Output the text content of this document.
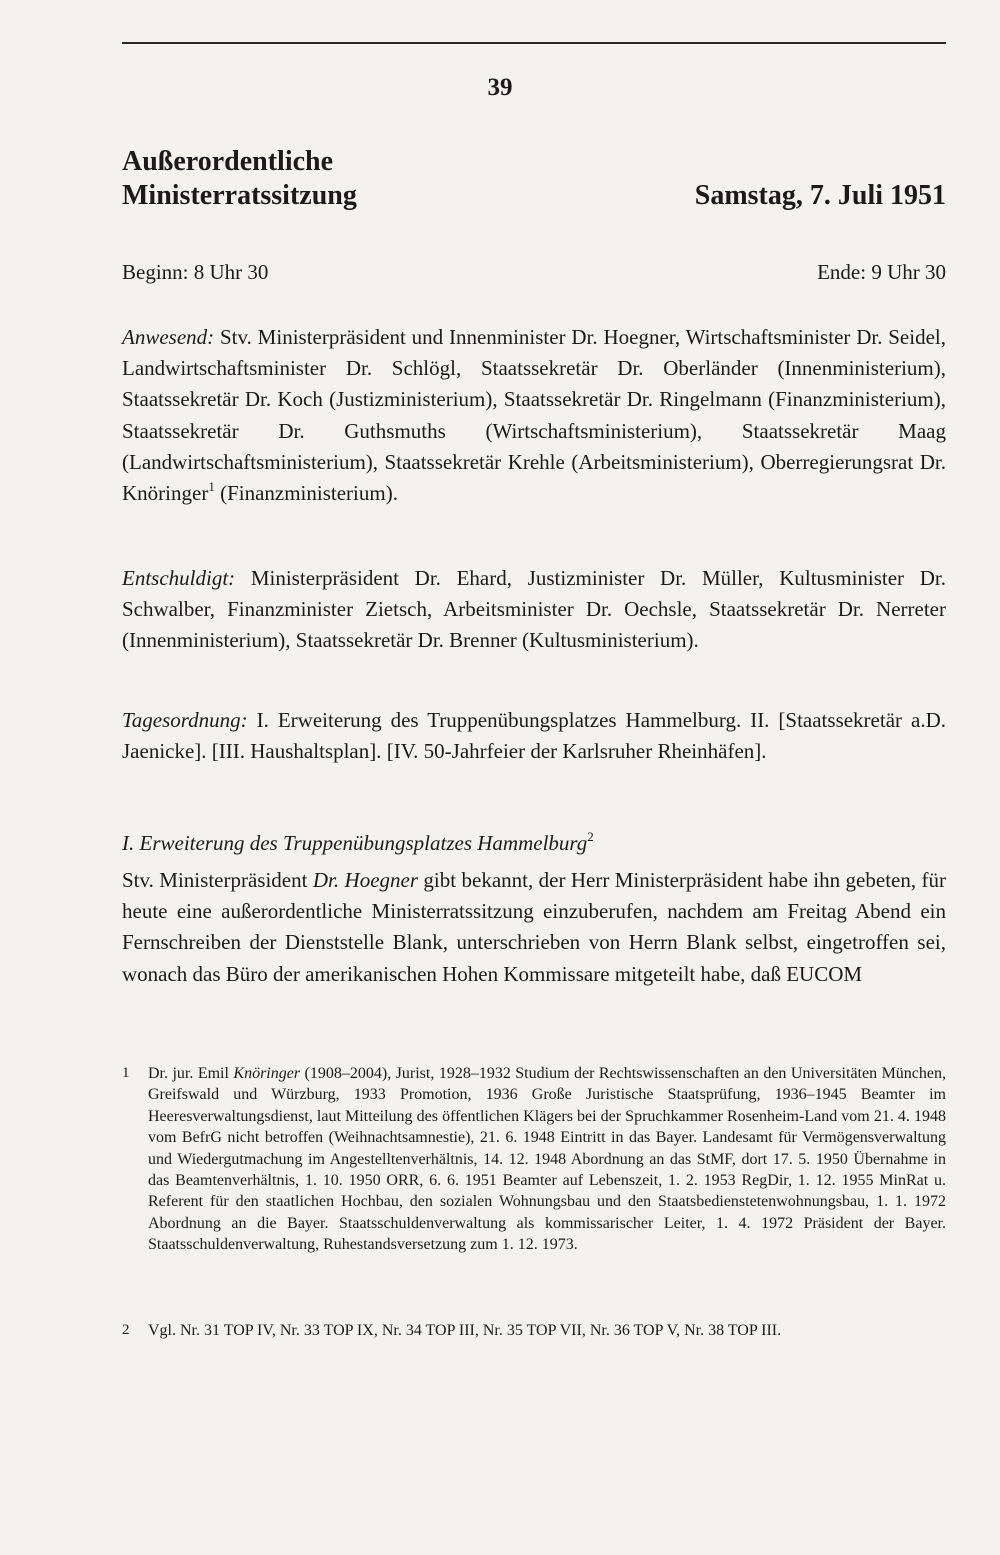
39
Außerordentliche
Ministerratssitzung	Samstag, 7. Juli 1951
Beginn: 8 Uhr 30	Ende: 9 Uhr 30

Anwesend: Stv. Ministerpräsident und Innenminister Dr. Hoegner, Wirtschaftsminister Dr. Seidel, Landwirtschaftsminister Dr. Schlögl, Staatssekretär Dr. Oberländer (Innenministerium), Staatssekretär Dr. Koch (Justizministerium), Staatssekretär Dr. Ringelmann (Finanzministerium), Staatssekretär Dr. Guthsmuths (Wirtschaftsministerium), Staatssekretär Maag (Landwirtschaftsministerium), Staatssekretär Krehle (Arbeitsministerium), Oberregierungsrat Dr. Knöringer$^1$ (Finanzministerium).

Entschuldigt: Ministerpräsident Dr. Ehard, Justizminister Dr. Müller, Kultusminister Dr. Schwalber, Finanzminister Zietsch, Arbeitsminister Dr. Oechsle, Staatssekretär Dr. Nerreter (Innenministerium), Staatssekretär Dr. Brenner (Kultusministerium).

Tagesordnung: I. Erweiterung des Truppenübungsplatzes Hammelburg. II. [Staatssekretär a.D. Jaenicke]. [III. Haushaltsplan]. [IV. 50-Jahrfeier der Karlsruher Rheinhäfen].

I. Erweiterung des Truppenübungsplatzes Hammelburg$^2$

Stv. Ministerpräsident Dr. Hoegner gibt bekannt, der Herr Ministerpräsident habe ihn gebeten, für heute eine außerordentliche Ministerratssitzung einzuberufen, nachdem am Freitag Abend ein Fernschreiben der Dienststelle Blank, unterschrieben von Herrn Blank selbst, eingetroffen sei, wonach das Büro der amerikanischen Hohen Kommissare mitgeteilt habe, daß EUCOM

1 Dr. jur. Emil Knöringer (1908–2004), Jurist, 1928–1932 Studium der Rechtswissenschaften an den Universitäten München, Greifswald und Würzburg, 1933 Promotion, 1936 Große Juristische Staatsprüfung, 1936–1945 Beamter im Heeresverwaltungsdienst, laut Mitteilung des öffentlichen Klägers bei der Spruchkammer Rosenheim-Land vom 21. 4. 1948 vom BefrG nicht betroffen (Weihnachtsamnestie), 21. 6. 1948 Eintritt in das Bayer. Landesamt für Vermögensverwaltung und Wiedergutmachung im Angestelltenverhältnis, 14. 12. 1948 Abordnung an das StMF, dort 17. 5. 1950 Übernahme in das Beamtenverhältnis, 1. 10. 1950 ORR, 6. 6. 1951 Beamter auf Lebenszeit, 1. 2. 1953 RegDir, 1. 12. 1955 MinRat u. Referent für den staatlichen Hochbau, den sozialen Wohnungsbau und den Staatsbedienstetenwohnungsbau, 1. 1. 1972 Abordnung an die Bayer. Staatsschuldenverwaltung als kommissarischer Leiter, 1. 4. 1972 Präsident der Bayer. Staatsschuldenverwaltung, Ruhestandsversetzung zum 1. 12. 1973.
2 Vgl. Nr. 31 TOP IV, Nr. 33 TOP IX, Nr. 34 TOP III, Nr. 35 TOP VII, Nr. 36 TOP V, Nr. 38 TOP III.
